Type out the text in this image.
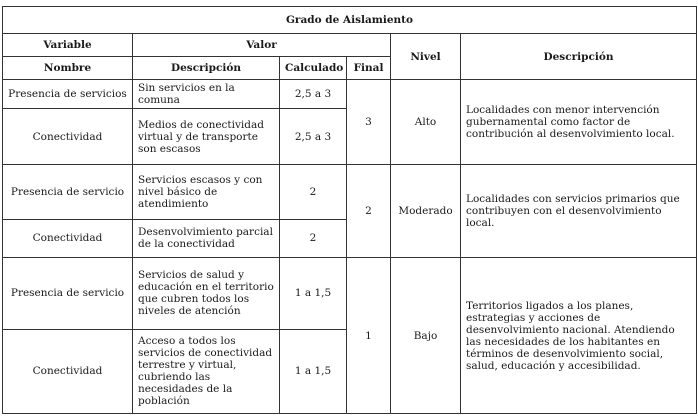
Grado de Aislamiento					
Variable	Valor			Nivel	Descripción
Nombre	Descripción	Calculado	Final		
Presencia de servicios	Sin servicios en la comuna	2,5 a 3	3	Alto	Localidades con menor intervención gubernamental como factor de contribución al desenvolvimiento local.
Conectividad	Medios de conectividad virtual y de transporte son escasos	2,5 a 3			
Presencia de servicio	Servicios escasos y con nivel básico de atendimiento	2	2	Moderado	Localidades con servicios primarios que contribuyen con el desenvolvimiento local.
Conectividad	Desenvolvimiento parcial de la conectividad	2			
Presencia de servicio	Servicios de salud y educación en el territorio que cubren todos los niveles de atención	1 a 1,5	1	Bajo	Territorios ligados a los planes, estrategias y acciones de desenvolvimiento nacional. Atendiendo las necesidades de los habitantes en términos de desenvolvimiento social, salud, educación y accesibilidad.
Conectividad	Acceso a todos los servicios de conectividad terrestre y virtual, cubriendo las necesidades de la población	1 a 1,5			
